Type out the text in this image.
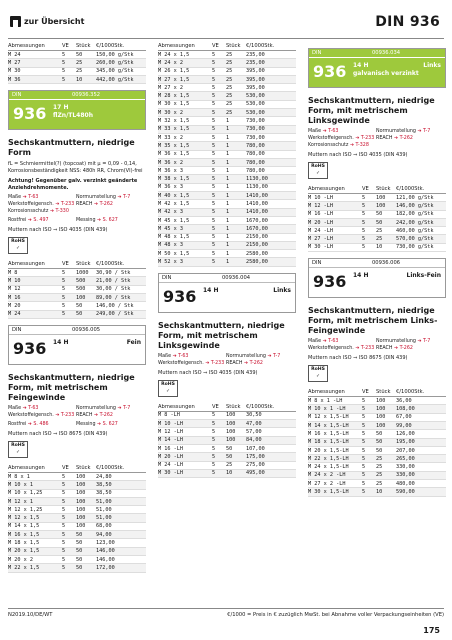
zur Übersicht	DIN 936
Abmessungen	VE	Stück	€/1000Stk.
M 24	5	50	150,00 g/Stk
M 27	5	25	260,00 g/Stk
M 30	5	25	345,00 g/Stk
M 36	5	10	442,00 g/Stk
DIN	00936.352
936 17 H
flZn/TL480h
Sechskantmuttern, niedrige Form
fL = Schmiermittel(?) (topcoat) mit µ = 0,09 - 0,14, Korrosionsbeständigkeit NSS: 480h RR, Chrom(VI)-frei
Achtung! Gegenüber galv. verzinkt geänderte Anziehdrehmomente.
Maße ➔ T-63	Normumstellung ➔ T-7
Werkstoffeigensch. ➔ T-233 REACH ➔ T-262
Korrosionsschutz ➔ T-330
Rostfrei ➔ S. 497	Messing ➔ S. 627
Muttern nach ISO ⇒ ISO 4035 (DIN 439)
RoHS ✓
Abmessungen	VE	Stück	€/1000Stk.
M 8	5	1000	30,90 / Stk
M 10	5	500	21,00 / Stk
M 12	5	500	30,00 / Stk
M 16	5	100	89,00 / Stk
M 20	5	50	146,00 / Stk
M 24	5	50	249,00 / Stk
DIN	00936.005
936 14 H	Fein
Sechskantmuttern, niedrige Form, mit metrischem Feingewinde
Maße ➔ T-63	Normumstellung ➔ T-7
Werkstoffeigensch. ➔ T-233 REACH ➔ T-262
Rostfrei ➔ S. 486	Messing ➔ S. 627
Muttern nach ISO ⇒ ISO 8675 (DIN 439)
RoHS ✓
Abmessungen	VE	Stück	€/1000Stk.
M 8 x 1	5	100	24,80
M 10 x 1	5	100	38,50
M 10 x 1,25	5	100	38,50
M 12 x 1	5	100	51,00
M 12 x 1,25	5	100	51,00
M 12 x 1,5	5	100	51,00
M 14 x 1,5	5	100	68,00
M 16 x 1,5	5	50	94,00
M 18 x 1,5	5	50	123,00
M 20 x 1,5	5	50	146,00
M 20 x 2	5	50	146,00
M 22 x 1,5	5	50	172,00
Abmessungen	VE	Stück	€/1000Stk.
M 24 x 1,5	5	25	235,00
M 24 x 2	5	25	235,00
M 26 x 1,5	5	25	395,00
M 27 x 1,5	5	25	395,00
M 27 x 2	5	25	395,00
M 28 x 1,5	5	25	530,00
M 30 x 1,5	5	25	530,00
M 30 x 2	5	25	530,00
M 32 x 1,5	5	1	730,00
M 33 x 1,5	5	1	730,00
M 33 x 2	5	1	730,00
M 35 x 1,5	5	1	780,00
M 36 x 1,5	5	1	780,00
M 36 x 2	5	1	780,00
M 36 x 3	5	1	780,00
M 38 x 1,5	5	1	1130,00
M 36 x 3	5	1	1130,00
M 40 x 1,5	5	1	1410,00
M 42 x 1,5	5	1	1410,00
M 42 x 3	5	1	1410,00
M 45 x 1,5	5	1	1670,00
M 45 x 3	5	1	1670,00
M 48 x 1,5	5	1	2150,00
M 48 x 3	5	1	2150,00
M 50 x 1,5	5	1	2580,00
M 52 x 3	5	1	2580,00
DIN	00936.004
936 14 H	Links
Sechskantmuttern, niedrige Form, mit metrischem Linksgewinde
Maße ➔ T-63	Normumstellung ➔ T-7
Werkstoffeigensch. ➔ T-233 REACH ➔ T-262
Muttern nach ISO ⇒ ISO 4035 (DIN 439)
RoHS ✓
Abmessungen	VE	Stück	€/1000Stk.
M 8 -LH	5	100	30,50
M 10 -LH	5	100	47,00
M 12 -LH	5	100	57,00
M 14 -LH	5	100	84,00
M 16 -LH	5	50	107,00
M 20 -LH	5	50	175,00
M 24 -LH	5	25	275,00
M 30 -LH	5	10	495,00
DIN	00936.034
936 14 H
galvanisch verzinkt
Links
Sechskantmuttern, niedrige Form, mit metrischem Linksgewinde
Maße ➔ T-63	Normumstellung ➔ T-7
Werkstoffeigensch. ➔ T-233 REACH ➔ T-262
Korrosionsschutz ➔ T-328
Muttern nach ISO ⇒ ISO 4035 (DIN 439)
RoHS ✓
Abmessungen	VE	Stück	€/1000Stk.
M 10 -LH	5	100	121,00 g/Stk
M 12 -LH	5	100	146,00 g/Stk
M 16 -LH	5	50	182,00 g/Stk
M 20 -LH	5	50	242,00 g/Stk
M 24 -LH	5	25	460,00 g/Stk
M 27 -LH	5	25	570,00 g/Stk
M 30 -LH	5	10	730,00 g/Stk
DIN	00936.006
936 14 H	Links-Fein
Sechskantmuttern, niedrige Form, mit metrischem Links-Feingewinde
Maße ➔ T-63	Normumstellung ➔ T-7
Werkstoffeigensch. ➔ T-233 REACH ➔ T-262
Muttern nach ISO ⇒ ISO 8675 (DIN 439)
RoHS ✓
Abmessungen	VE	Stück	€/1000Stk.
M 8 x 1 -LH	5	100	36,00
M 10 x 1 -LH	5	100	108,00
M 12 x 1,5-LH	5	100	67,00
M 14 x 1,5-LH	5	100	99,00
M 16 x 1,5-LH	5	50	126,00
M 18 x 1,5-LH	5	50	195,00
M 20 x 1,5-LH	5	50	207,00
M 22 x 1,5-LH	5	25	265,00
M 24 x 1,5-LH	5	25	330,00
M 24 x 2 -LH	5	25	330,00
M 27 x 2 -LH	5	25	480,00
M 30 x 1,5-LH	5	10	590,00
N2019.10/DE/WT	€/1000 = Preis in € zuzüglich MwSt. bei Abnahme voller Verpackungseinheiten (VE)
175
